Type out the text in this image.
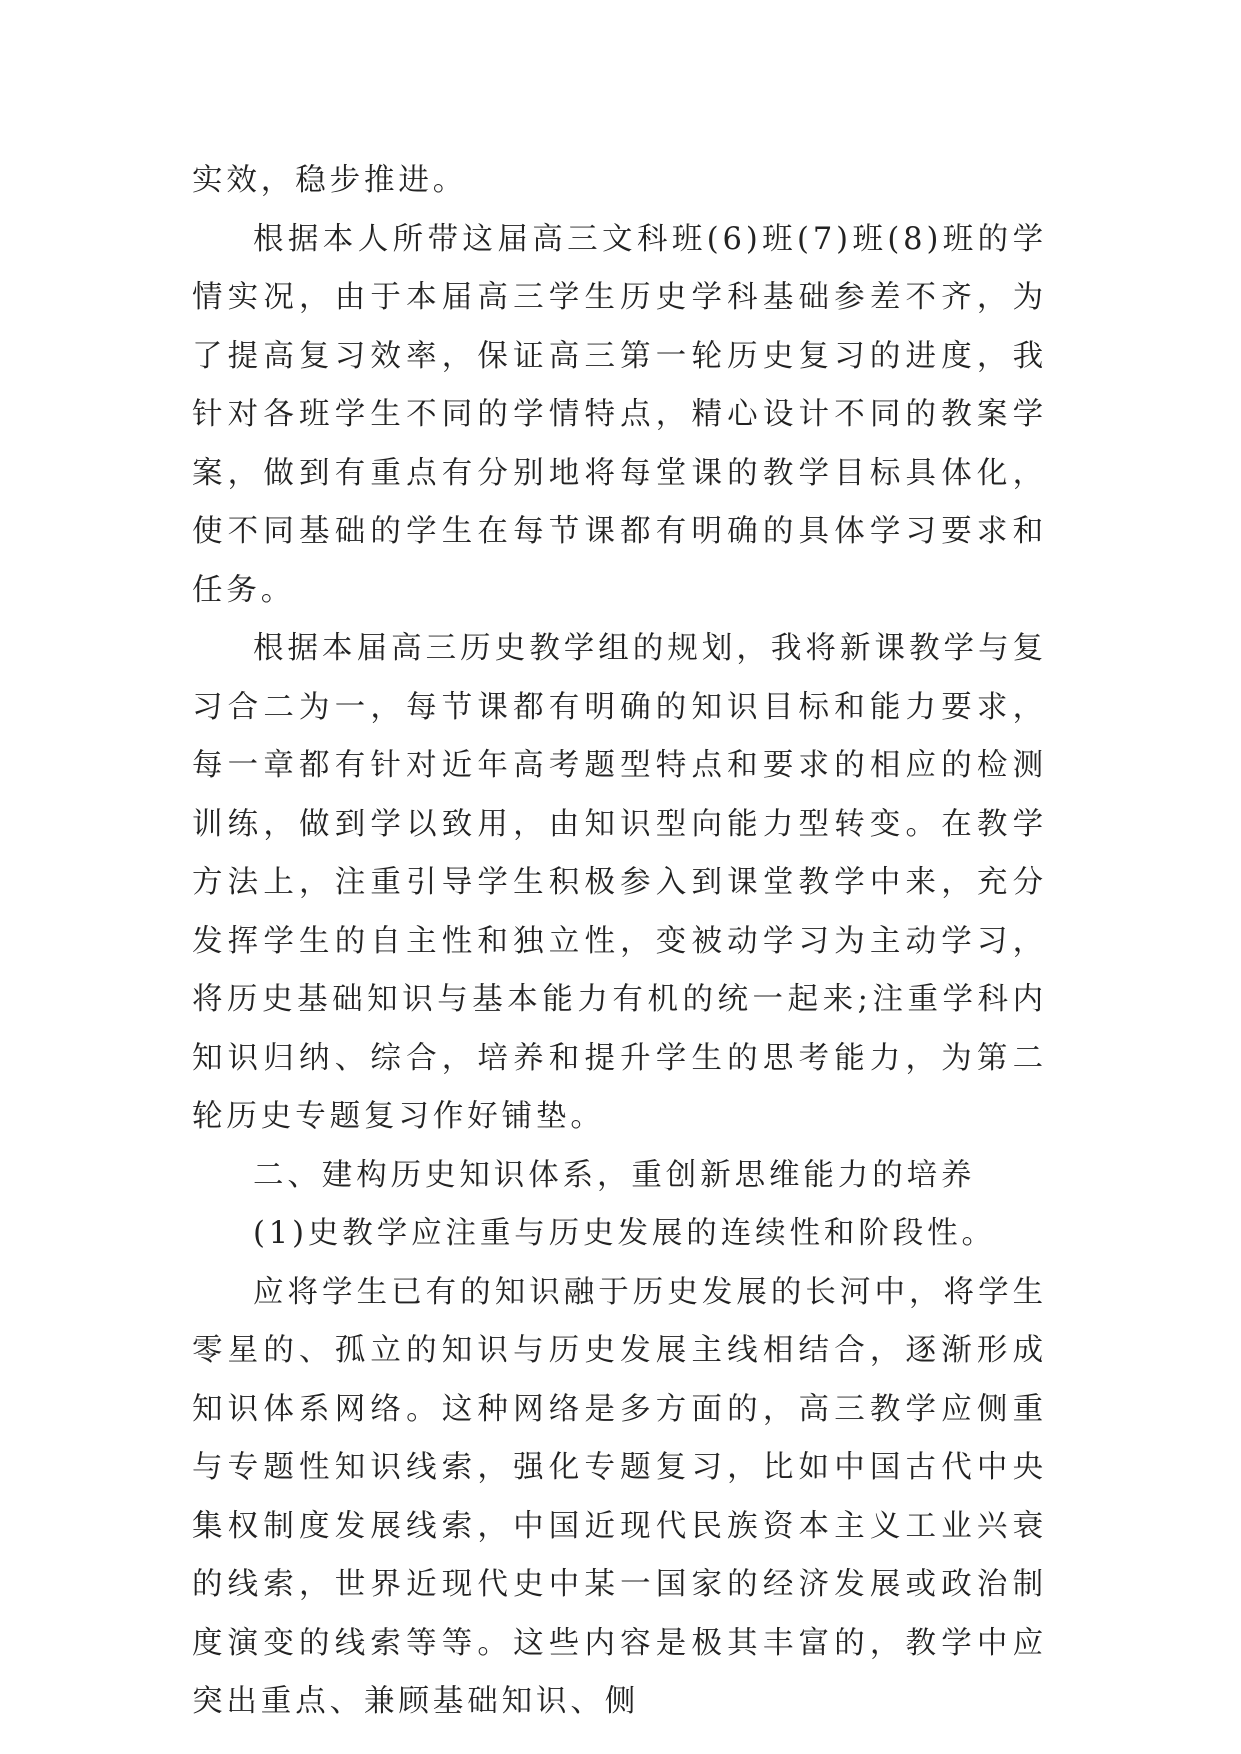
实效，稳步推进。

根据本人所带这届高三文科班(6)班(7)班(8)班的学情实况，由于本届高三学生历史学科基础参差不齐，为了提高复习效率，保证高三第一轮历史复习的进度，我针对各班学生不同的学情特点，精心设计不同的教案学案，做到有重点有分别地将每堂课的教学目标具体化，使不同基础的学生在每节课都有明确的具体学习要求和任务。

根据本届高三历史教学组的规划，我将新课教学与复习合二为一，每节课都有明确的知识目标和能力要求，每一章都有针对近年高考题型特点和要求的相应的检测训练，做到学以致用，由知识型向能力型转变。在教学方法上，注重引导学生积极参入到课堂教学中来，充分发挥学生的自主性和独立性，变被动学习为主动学习，将历史基础知识与基本能力有机的统一起来;注重学科内知识归纳、综合，培养和提升学生的思考能力，为第二轮历史专题复习作好铺垫。

二、建构历史知识体系，重创新思维能力的培养

(1)史教学应注重与历史发展的连续性和阶段性。

应将学生已有的知识融于历史发展的长河中，将学生零星的、孤立的知识与历史发展主线相结合，逐渐形成知识体系网络。这种网络是多方面的，高三教学应侧重与专题性知识线索，强化专题复习，比如中国古代中央集权制度发展线索，中国近现代民族资本主义工业兴衰的线索，世界近现代史中某一国家的经济发展或政治制度演变的线索等等。这些内容是极其丰富的，教学中应突出重点、兼顾基础知识、侧
